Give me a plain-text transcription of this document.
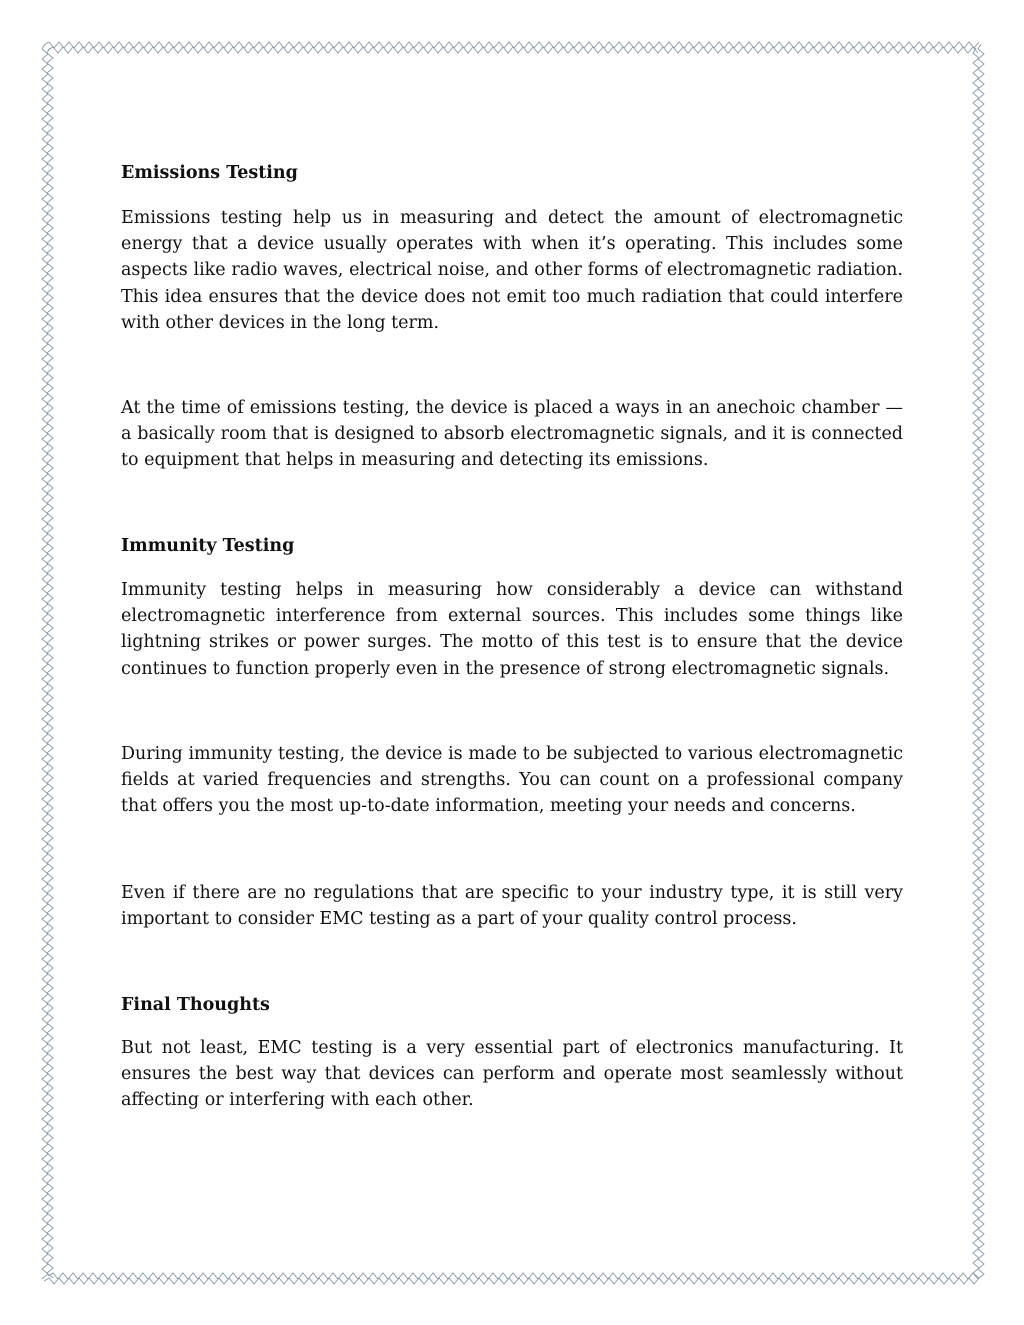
Emissions Testing

Emissions testing help us in measuring and detect the amount of electromagnetic energy that a device usually operates with when it’s operating. This includes some aspects like radio waves, electrical noise, and other forms of electromagnetic radiation. This idea ensures that the device does not emit too much radiation that could interfere with other devices in the long term.

At the time of emissions testing, the device is placed a ways in an anechoic chamber — a basically room that is designed to absorb electromagnetic signals, and it is connected to equipment that helps in measuring and detecting its emissions.

Immunity Testing

Immunity testing helps in measuring how considerably a device can withstand electromagnetic interference from external sources. This includes some things like lightning strikes or power surges. The motto of this test is to ensure that the device continues to function properly even in the presence of strong electromagnetic signals.

During immunity testing, the device is made to be subjected to various electromagnetic fields at varied frequencies and strengths. You can count on a professional company that offers you the most up-to-date information, meeting your needs and concerns.

Even if there are no regulations that are specific to your industry type, it is still very important to consider EMC testing as a part of your quality control process.

Final Thoughts

But not least, EMC testing is a very essential part of electronics manufacturing. It ensures the best way that devices can perform and operate most seamlessly without affecting or interfering with each other.
